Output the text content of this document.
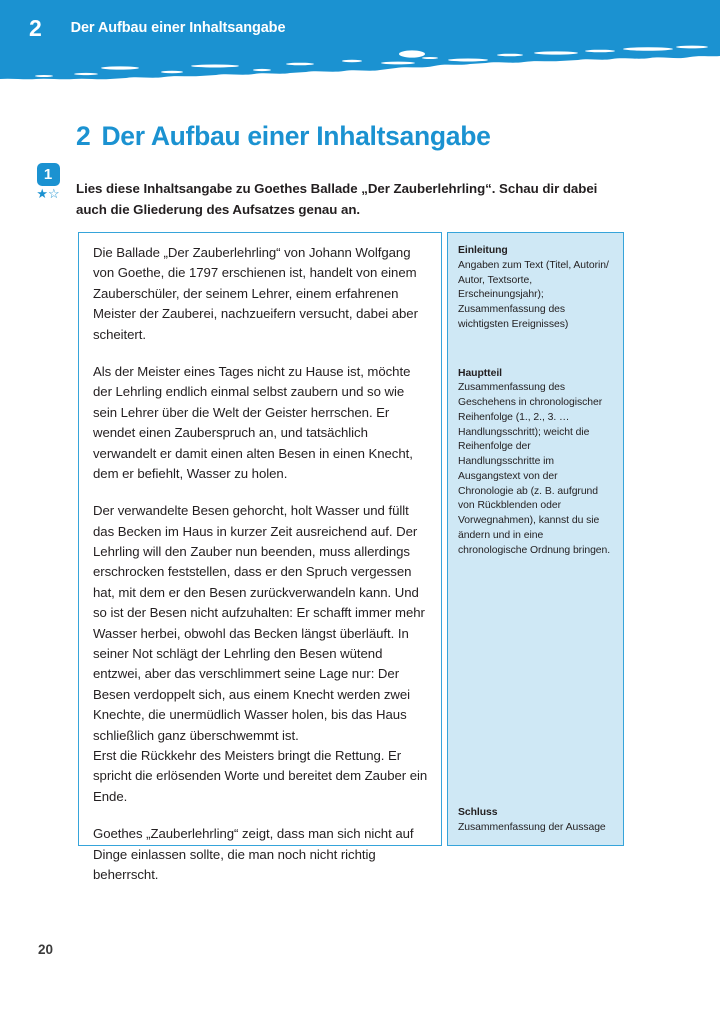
2 Der Aufbau einer Inhaltsangabe
2 Der Aufbau einer Inhaltsangabe
1
★☆	Lies diese Inhaltsangabe zu Goethes Ballade „Der Zauberlehrling“. Schau dir dabei auch die Gliederung des Aufsatzes genau an.

Die Ballade „Der Zauberlehrling“ von Johann Wolfgang von Goethe, die 1797 erschienen ist, handelt von einem Zauberschüler, der seinem Lehrer, einem erfahrenen Meister der Zauberei, nachzueifern versucht, dabei aber scheitert.

Als der Meister eines Tages nicht zu Hause ist, möchte der Lehrling endlich einmal selbst zaubern und so wie sein Lehrer über die Welt der Geister herrschen. Er wendet einen Zauberspruch an, und tatsächlich verwandelt er damit einen alten Besen in einen Knecht, dem er befiehlt, Wasser zu holen.

Der verwandelte Besen gehorcht, holt Wasser und füllt das Becken im Haus in kurzer Zeit ausreichend auf. Der Lehrling will den Zauber nun beenden, muss allerdings erschrocken feststellen, dass er den Spruch vergessen hat, mit dem er den Besen zurückverwandeln kann. Und so ist der Besen nicht aufzuhalten: Er schafft immer mehr Wasser herbei, obwohl das Becken längst überläuft. In seiner Not schlägt der Lehrling den Besen wütend entzwei, aber das verschlimmert seine Lage nur: Der Besen verdoppelt sich, aus einem Knecht werden zwei Knechte, die unermüdlich Wasser holen, bis das Haus schließlich ganz überschwemmt ist.

Erst die Rückkehr des Meisters bringt die Rettung. Er spricht die erlösenden Worte und bereitet dem Zauber ein Ende.

Goethes „Zauberlehrling“ zeigt, dass man sich nicht auf Dinge einlassen sollte, die man noch nicht richtig beherrscht.

Einleitung
Angaben zum Text (Titel, Autorin/ Autor, Textsorte, Erscheinungsjahr); Zusammenfassung des wichtigsten Ereignisses)
Hauptteil
Zusammenfassung des Geschehens in chronologischer Reihenfolge (1., 2., 3. … Handlungsschritt); weicht die Reihenfolge der Handlungsschritte im Ausgangstext von der Chronologie ab (z. B. aufgrund von Rückblenden oder Vorwegnahmen), kannst du sie ändern und in eine chronologische Ordnung bringen.
Schluss
Zusammenfassung der Aussage
20
